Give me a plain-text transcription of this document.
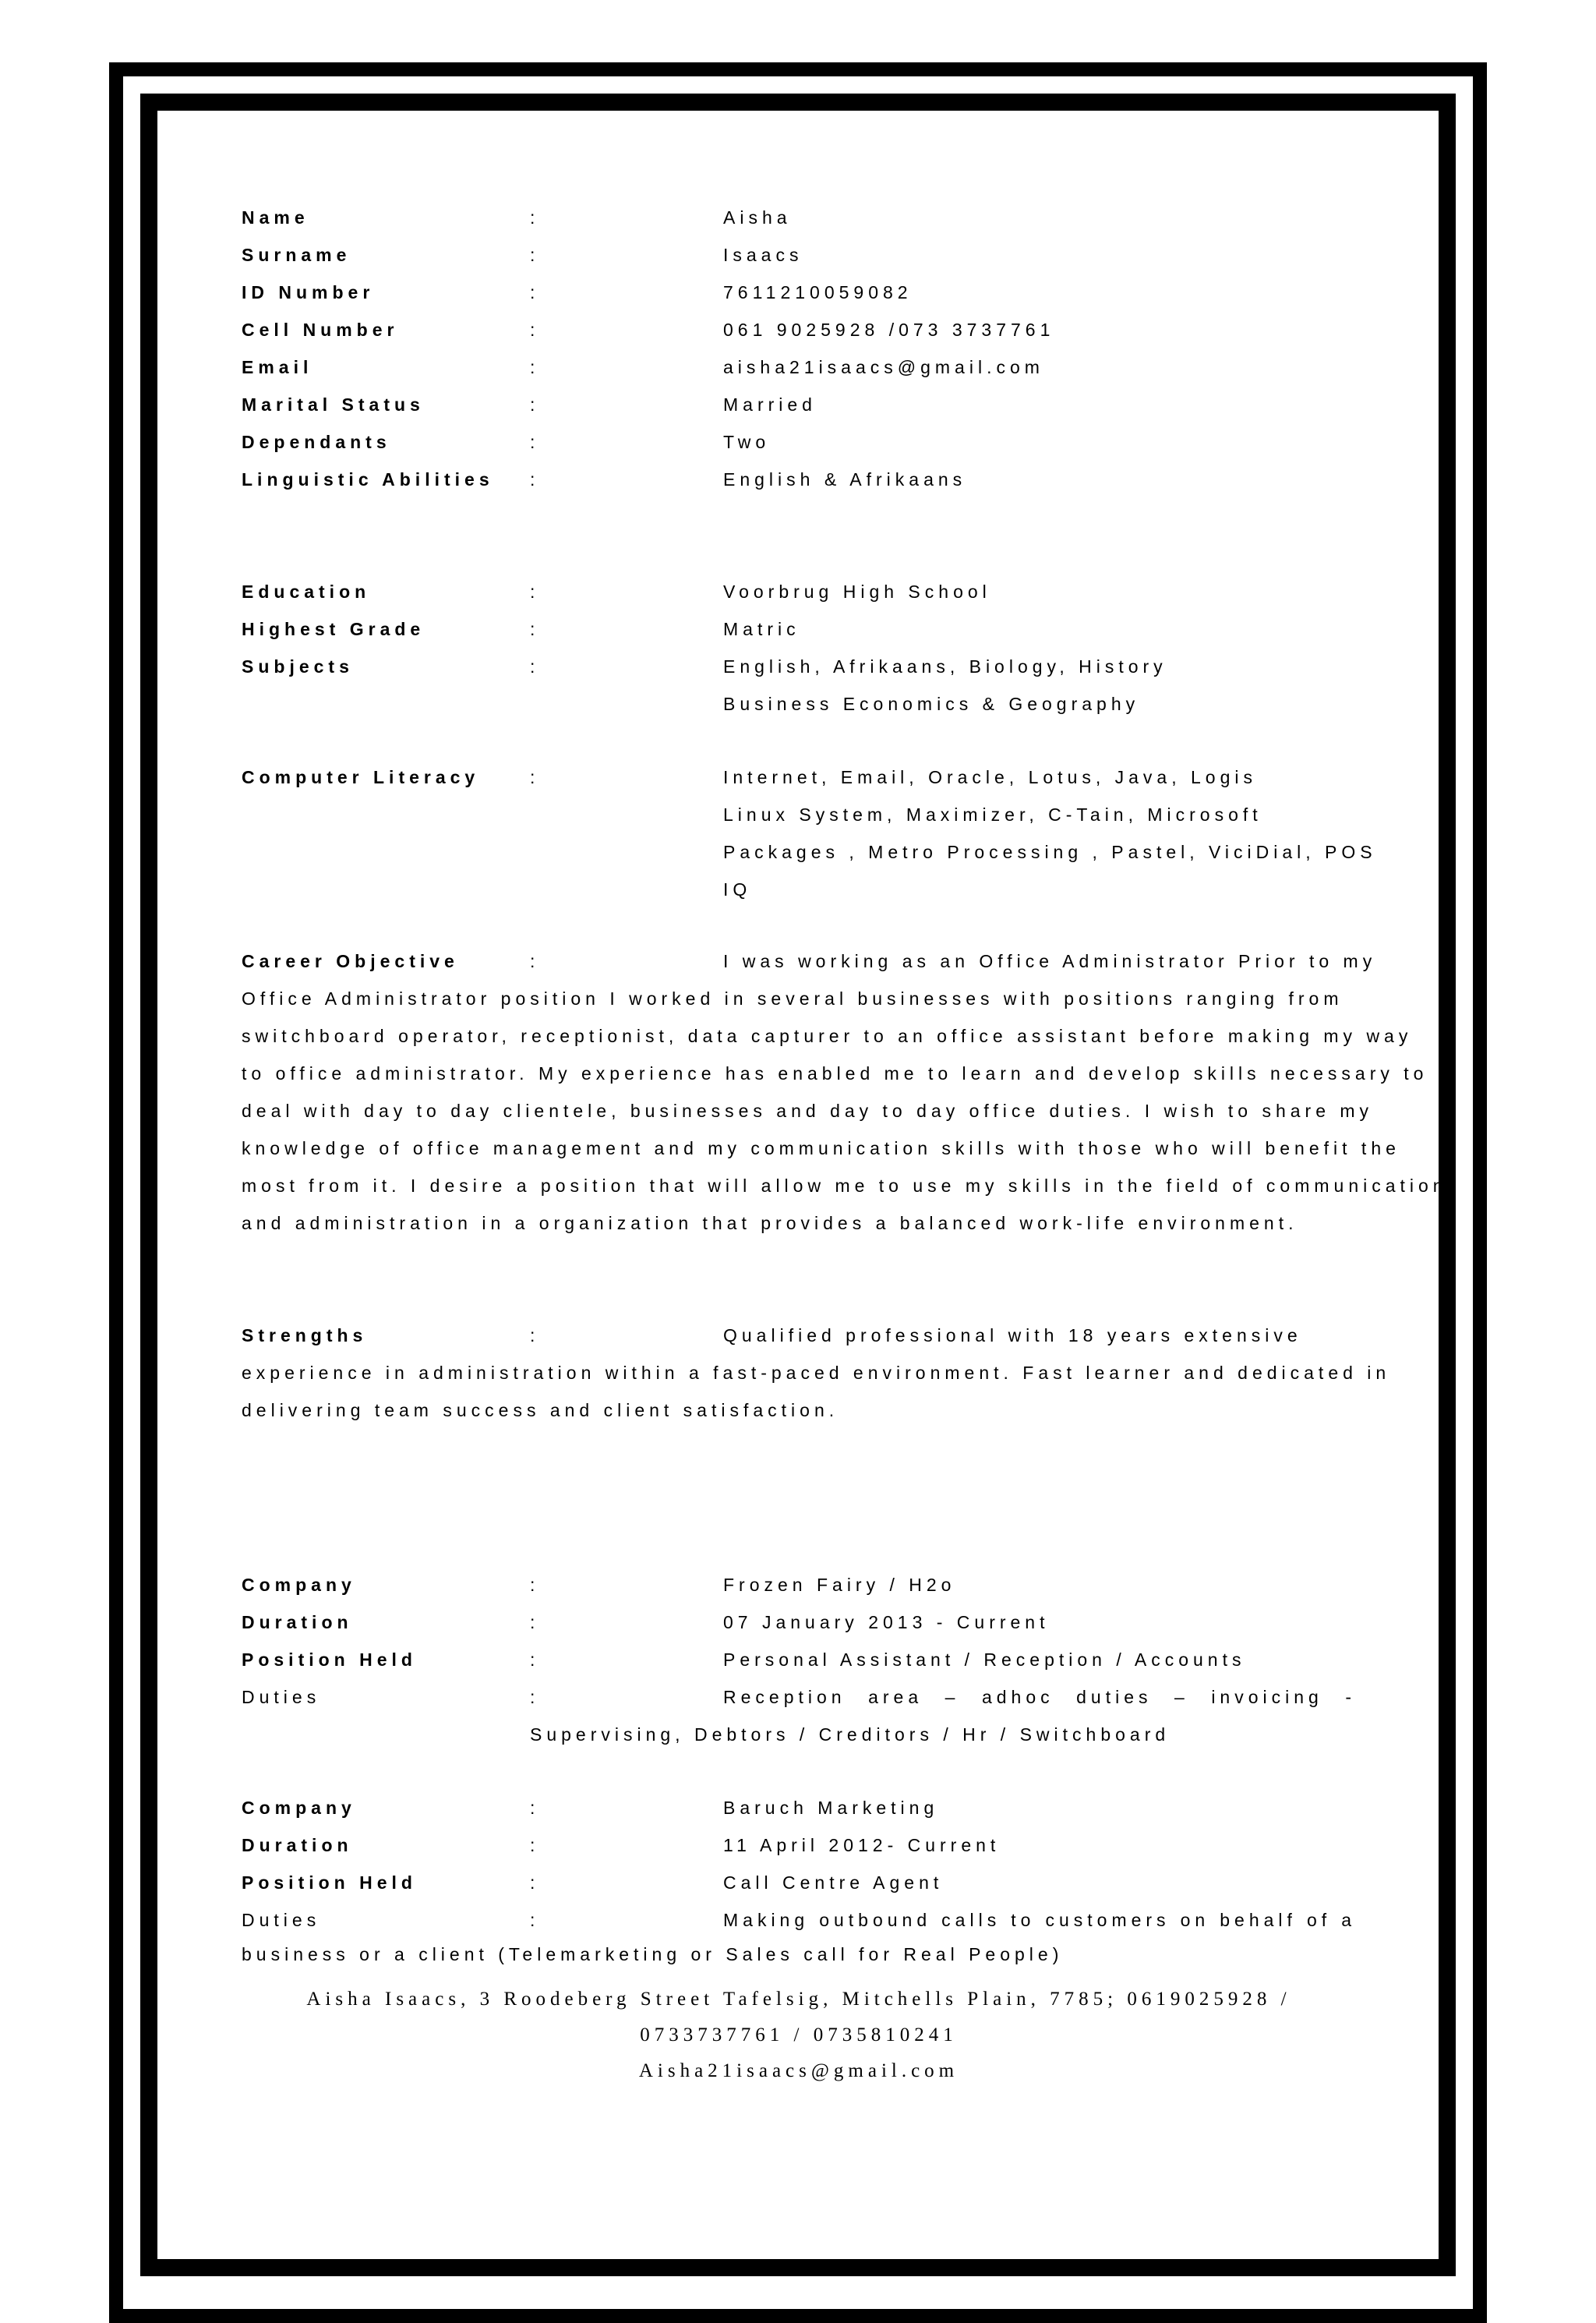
Name	:	Aisha
Surname	:	Isaacs
ID Number	:	7611210059082
Cell Number	:	061 9025928 /073 3737761
Email	:	aisha21isaacs@gmail.com
Marital Status	:	Married
Dependants	:	Two
Linguistic Abilities	:	English & Afrikaans
Education	:	Voorbrug High School
Highest Grade	:	Matric
Subjects	:	English, Afrikaans, Biology, History
Business Economics & Geography
Computer Literacy	:	Internet, Email, Oracle, Lotus, Java, Logis
Linux System, Maximizer, C-Tain, Microsoft
Packages , Metro Processing , Pastel, ViciDial, POS
IQ
Career Objective	:	I was working as an Office Administrator Prior to my
Office Administrator position I worked in several businesses with positions ranging from
switchboard operator, receptionist, data capturer to an office assistant before making my way
to office administrator. My experience has enabled me to learn and develop skills necessary to
deal with day to day clientele, businesses and day to day office duties. I wish to share my
knowledge of office management and my communication skills with those who will benefit the
most from it. I desire a position that will allow me to use my skills in the field of communication
and administration in a organization that provides a balanced work-life environment.
Strengths	:	Qualified professional with 18 years extensive
experience in administration within a fast-paced environment. Fast learner and dedicated in
delivering team success and client satisfaction.
Company	:	Frozen Fairy / H2o
Duration	:	07 January 2013 - Current
Position Held	:	Personal Assistant / Reception / Accounts
Duties	:	Reception area – adhoc duties – invoicing -
Supervising, Debtors / Creditors / Hr / Switchboard
Company	:	Baruch Marketing
Duration	:	11 April 2012- Current
Position Held	:	Call Centre Agent
Duties	:	Making outbound calls to customers on behalf of a
business or a client (Telemarketing or Sales call for Real People)
Aisha Isaacs, 3 Roodeberg Street Tafelsig, Mitchells Plain, 7785; 0619025928 /
0733737761 / 0735810241
Aisha21isaacs@gmail.com
